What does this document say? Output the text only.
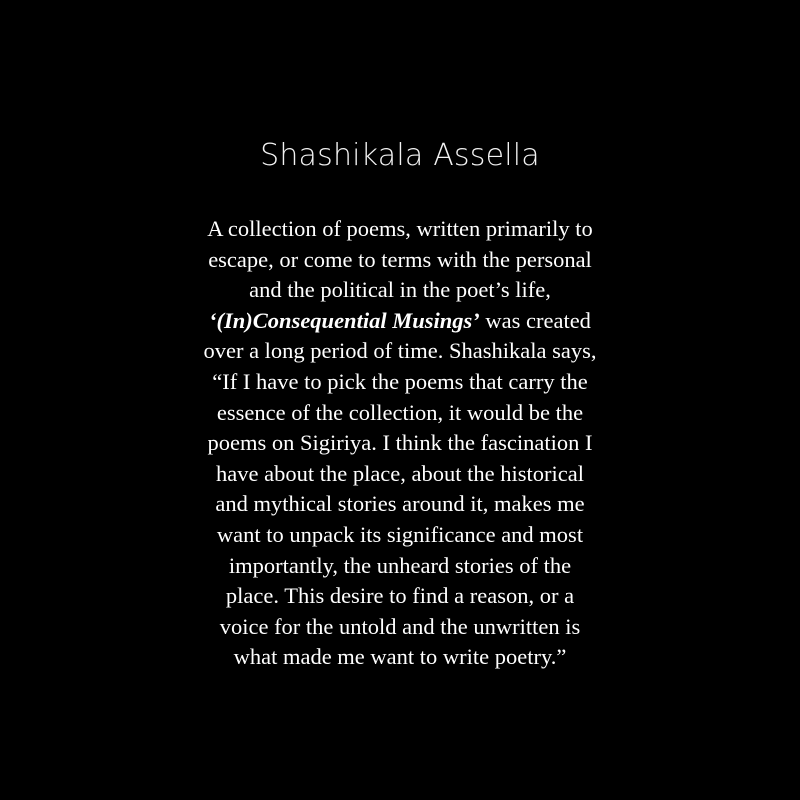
Shashikala Assella

A collection of poems, written primarily to
escape, or come to terms with the personal
and the political in the poet’s life,
‘(In)Consequential Musings’ was created
over a long period of time. Shashikala says,
“If I have to pick the poems that carry the
essence of the collection, it would be the
poems on Sigiriya. I think the fascination I
have about the place, about the historical
and mythical stories around it, makes me
want to unpack its significance and most
importantly, the unheard stories of the
place. This desire to find a reason, or a
voice for the untold and the unwritten is
what made me want to write poetry.”
